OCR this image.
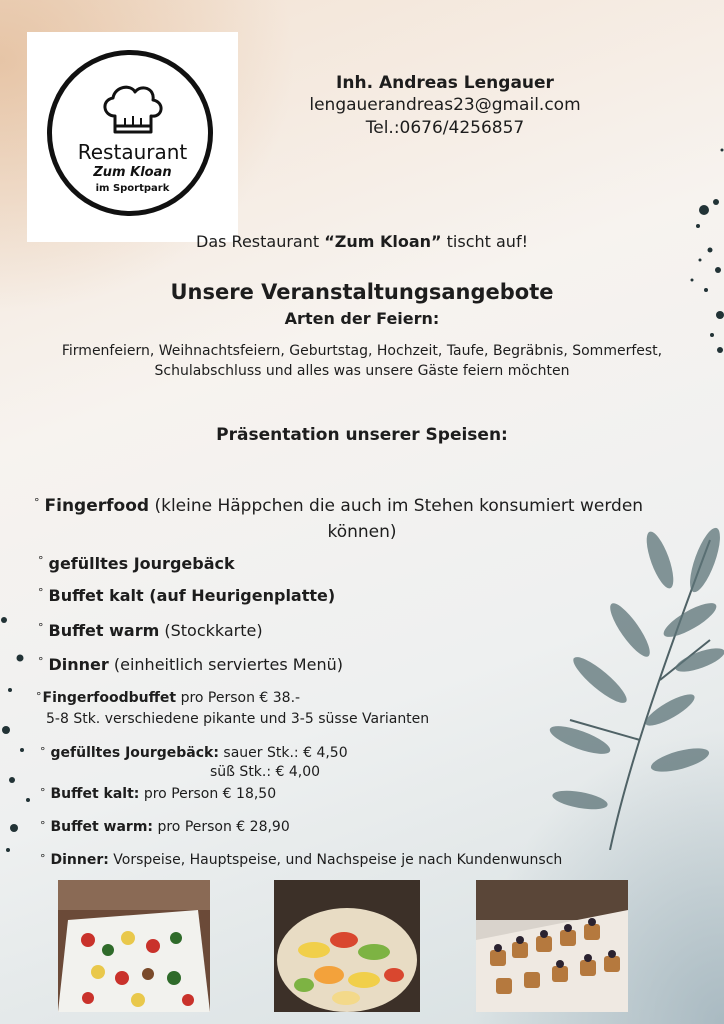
Restaurant
Zum Kloan
im Sportpark
Inh. Andreas Lengauer
lengauerandreas23@gmail.com
Tel.:0676/4256857
Das Restaurant “Zum Kloan” tischt auf!
Unsere Veranstaltungsangebote
Arten der Feiern:
Firmenfeiern, Weihnachtsfeiern, Geburtstag, Hochzeit, Taufe, Begräbnis, Sommerfest,
Schulabschluss und alles was unsere Gäste feiern möchten
Präsentation unserer Speisen:
° Fingerfood (kleine Häppchen die auch im Stehen konsumiert werden
können)
° gefülltes Jourgebäck
° Buffet kalt (auf Heurigenplatte)
° Buffet warm (Stockkarte)
° Dinner (einheitlich serviertes Menü)
°Fingerfoodbuffet pro Person € 38.-
5-8 Stk. verschiedene pikante und 3-5 süsse Varianten
° gefülltes Jourgebäck: sauer Stk.: € 4,50
süß Stk.: € 4,00
° Buffet kalt: pro Person € 18,50
° Buffet warm: pro Person € 28,90
° Dinner: Vorspeise, Hauptspeise, und Nachspeise je nach Kundenwunsch
